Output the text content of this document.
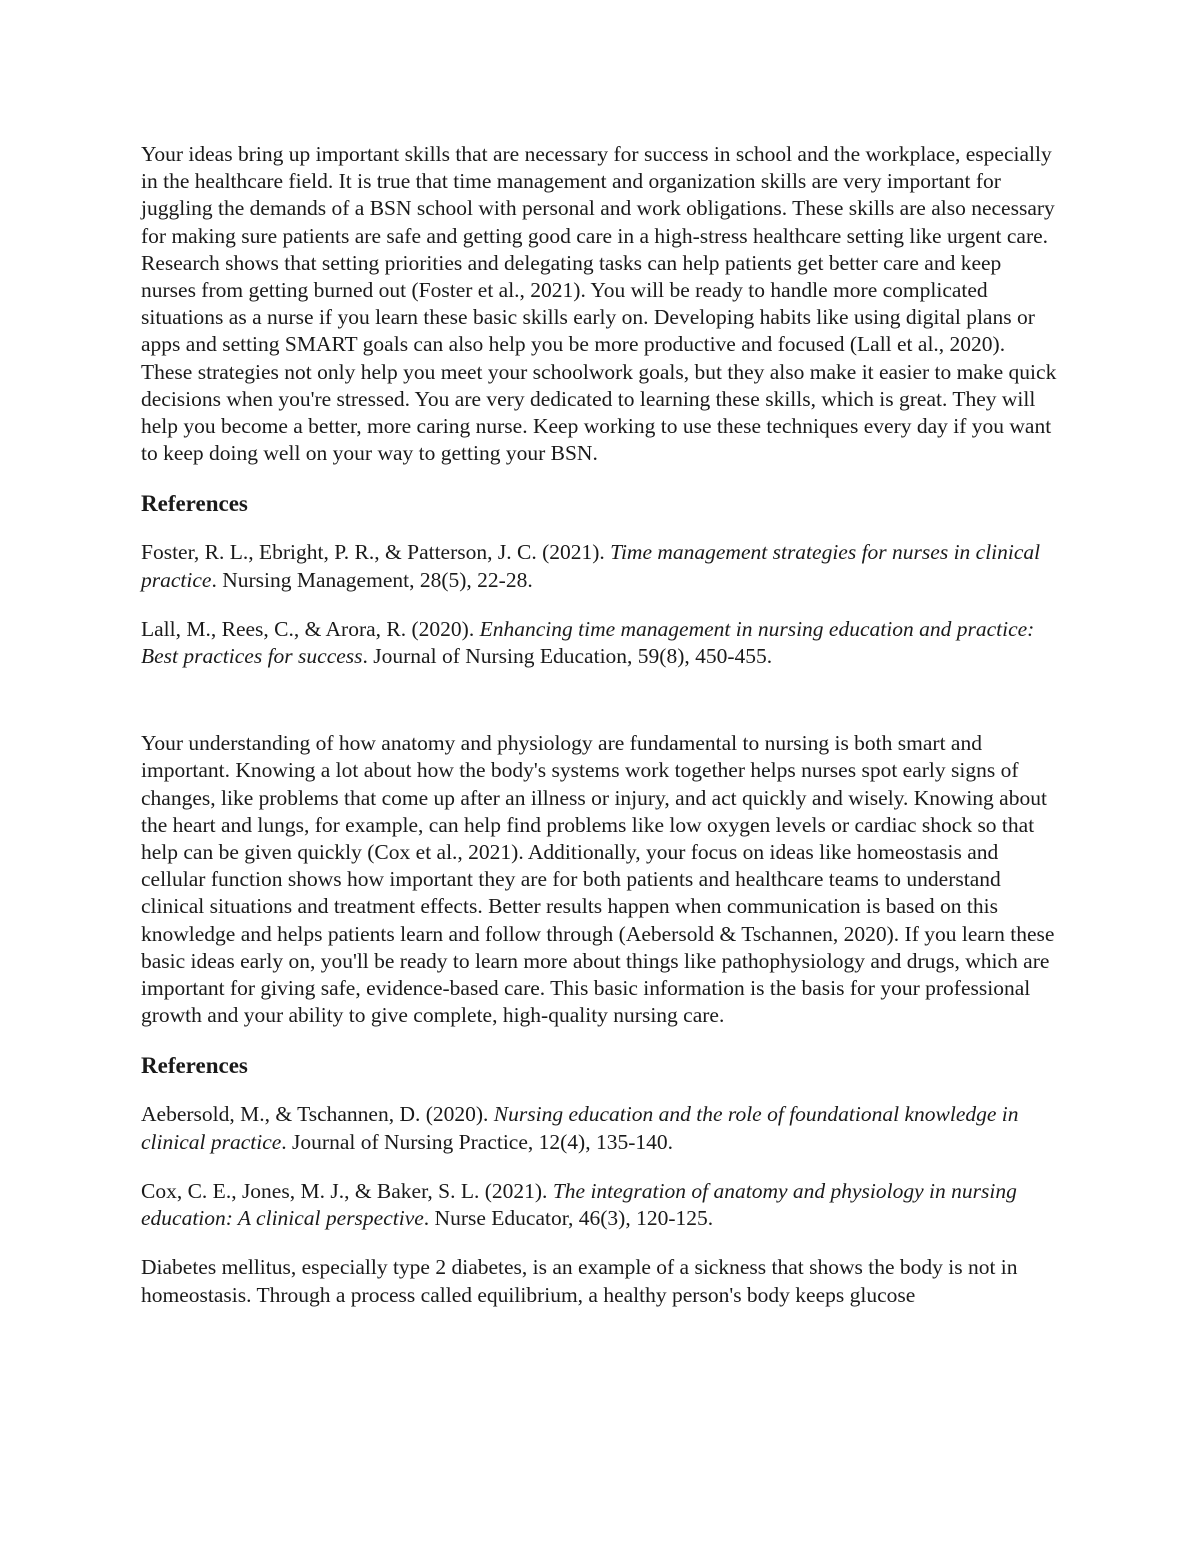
Your ideas bring up important skills that are necessary for success in school and the workplace, especially in the healthcare field. It is true that time management and organization skills are very important for juggling the demands of a BSN school with personal and work obligations. These skills are also necessary for making sure patients are safe and getting good care in a high-stress healthcare setting like urgent care. Research shows that setting priorities and delegating tasks can help patients get better care and keep nurses from getting burned out (Foster et al., 2021). You will be ready to handle more complicated situations as a nurse if you learn these basic skills early on. Developing habits like using digital plans or apps and setting SMART goals can also help you be more productive and focused (Lall et al., 2020). These strategies not only help you meet your schoolwork goals, but they also make it easier to make quick decisions when you're stressed. You are very dedicated to learning these skills, which is great. They will help you become a better, more caring nurse. Keep working to use these techniques every day if you want to keep doing well on your way to getting your BSN.

References

Foster, R. L., Ebright, P. R., & Patterson, J. C. (2021). Time management strategies for nurses in clinical practice. Nursing Management, 28(5), 22-28.

Lall, M., Rees, C., & Arora, R. (2020). Enhancing time management in nursing education and practice: Best practices for success. Journal of Nursing Education, 59(8), 450-455.

Your understanding of how anatomy and physiology are fundamental to nursing is both smart and important. Knowing a lot about how the body's systems work together helps nurses spot early signs of changes, like problems that come up after an illness or injury, and act quickly and wisely. Knowing about the heart and lungs, for example, can help find problems like low oxygen levels or cardiac shock so that help can be given quickly (Cox et al., 2021). Additionally, your focus on ideas like homeostasis and cellular function shows how important they are for both patients and healthcare teams to understand clinical situations and treatment effects. Better results happen when communication is based on this knowledge and helps patients learn and follow through (Aebersold & Tschannen, 2020). If you learn these basic ideas early on, you'll be ready to learn more about things like pathophysiology and drugs, which are important for giving safe, evidence-based care. This basic information is the basis for your professional growth and your ability to give complete, high-quality nursing care.

References

Aebersold, M., & Tschannen, D. (2020). Nursing education and the role of foundational knowledge in clinical practice. Journal of Nursing Practice, 12(4), 135-140.

Cox, C. E., Jones, M. J., & Baker, S. L. (2021). The integration of anatomy and physiology in nursing education: A clinical perspective. Nurse Educator, 46(3), 120-125.

Diabetes mellitus, especially type 2 diabetes, is an example of a sickness that shows the body is not in homeostasis. Through a process called equilibrium, a healthy person's body keeps glucose
